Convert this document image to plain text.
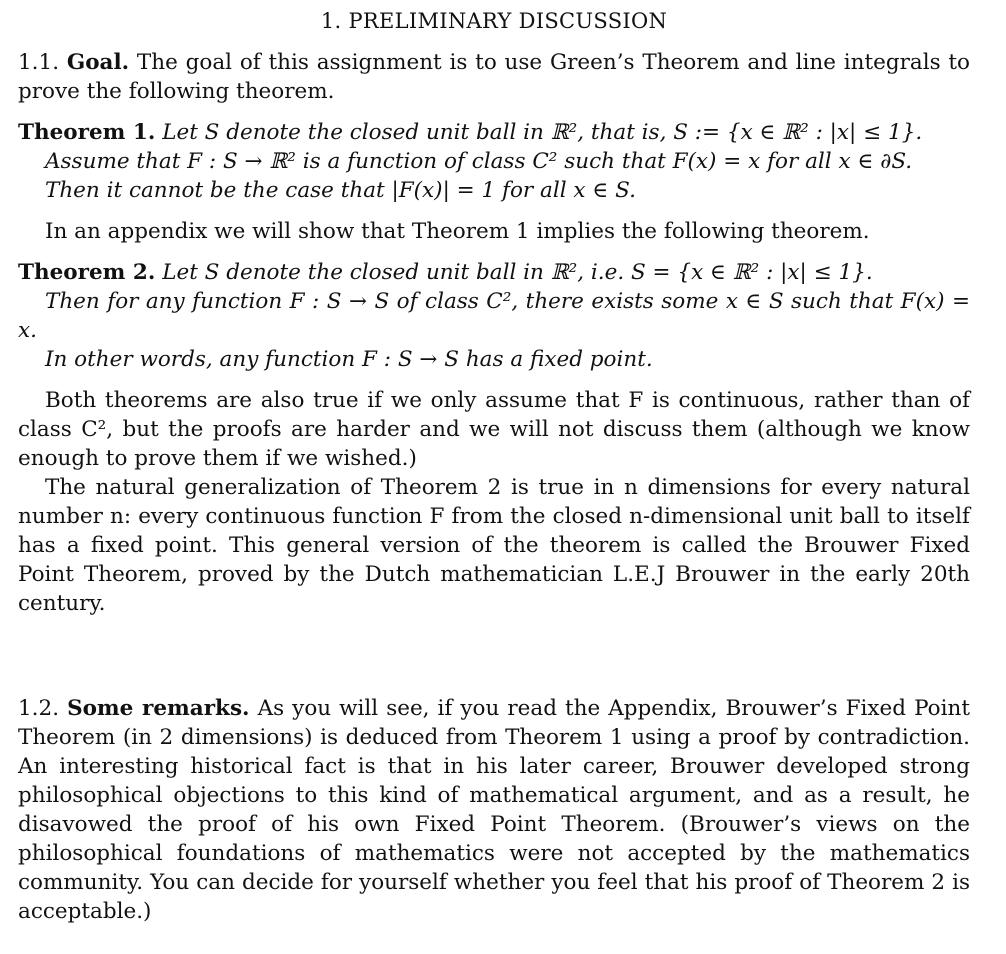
1. PRELIMINARY DISCUSSION
1.1. Goal. The goal of this assignment is to use Green’s Theorem and line integrals to prove the following theorem.
Theorem 1. Let S denote the closed unit ball in ℝ², that is, S := {x ∈ ℝ² : |x| ≤ 1}.
Assume that F : S → ℝ² is a function of class C² such that F(x) = x for all x ∈ ∂S.
Then it cannot be the case that |F(x)| = 1 for all x ∈ S.
In an appendix we will show that Theorem 1 implies the following theorem.
Theorem 2. Let S denote the closed unit ball in ℝ², i.e. S = {x ∈ ℝ² : |x| ≤ 1}.
Then for any function F : S → S of class C², there exists some x ∈ S such that F(x) = x.
In other words, any function F : S → S has a fixed point.
Both theorems are also true if we only assume that F is continuous, rather than of class C², but the proofs are harder and we will not discuss them (although we know enough to prove them if we wished.)
The natural generalization of Theorem 2 is true in n dimensions for every natural number n: every continuous function F from the closed n-dimensional unit ball to itself has a fixed point. This general version of the theorem is called the Brouwer Fixed Point Theorem, proved by the Dutch mathematician L.E.J Brouwer in the early 20th century.
1.2. Some remarks. As you will see, if you read the Appendix, Brouwer’s Fixed Point Theorem (in 2 dimensions) is deduced from Theorem 1 using a proof by contradiction. An interesting historical fact is that in his later career, Brouwer developed strong philosophical objections to this kind of mathematical argument, and as a result, he disavowed the proof of his own Fixed Point Theorem. (Brouwer’s views on the philosophical foundations of mathematics were not accepted by the mathematics community. You can decide for yourself whether you feel that his proof of Theorem 2 is acceptable.)
